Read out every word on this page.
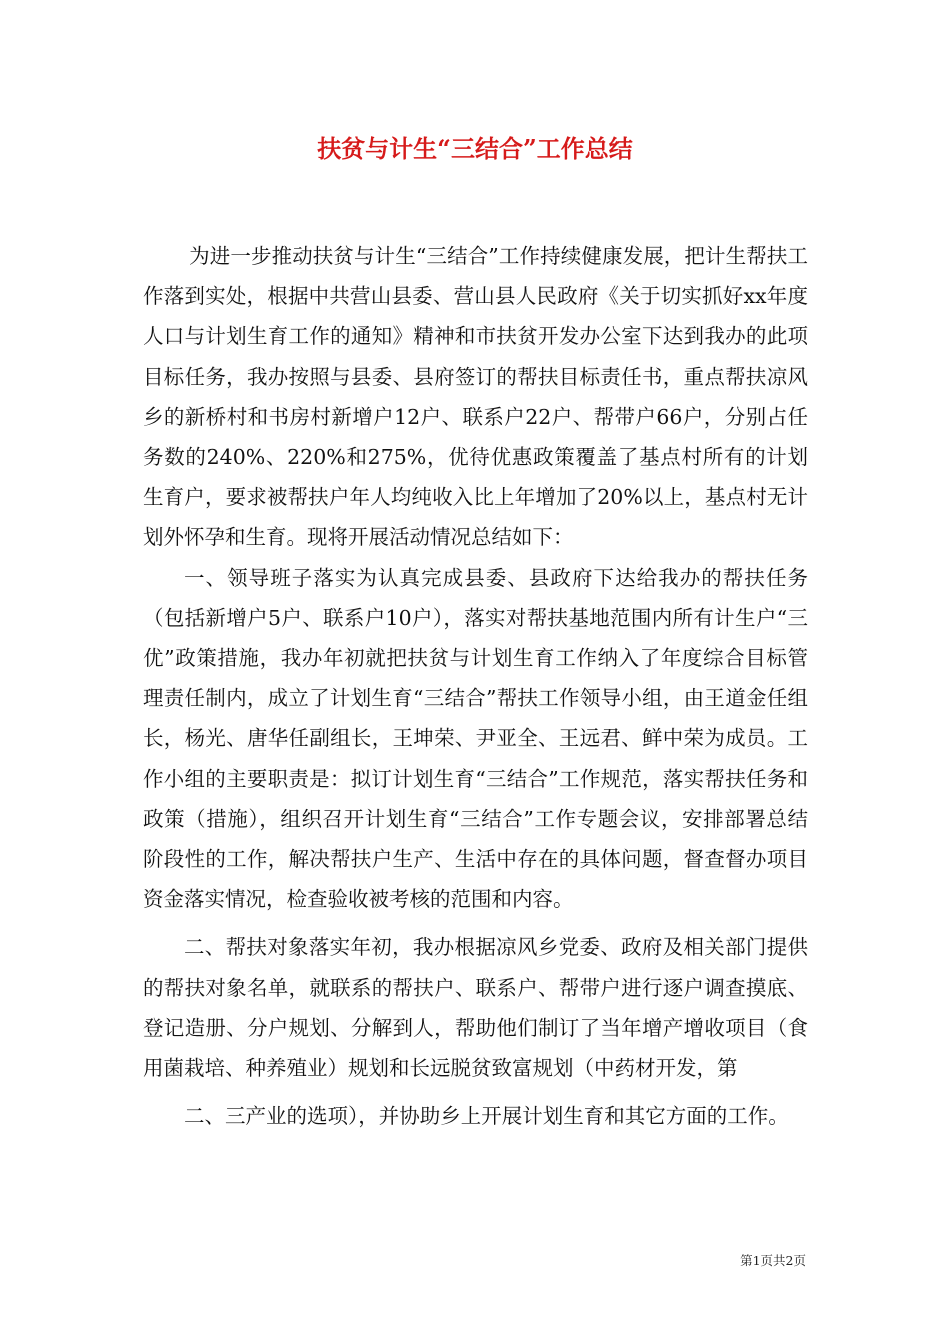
扶贫与计生“三结合”工作总结

为进一步推动扶贫与计生“三结合”工作持续健康发展，把计生帮扶工作落到实处，根据中共营山县委、营山县人民政府《关于切实抓好xx年度人口与计划生育工作的通知》精神和市扶贫开发办公室下达到我办的此项目标任务，我办按照与县委、县府签订的帮扶目标责任书，重点帮扶凉风乡的新桥村和书房村新增户12户、联系户22户、帮带户66户，分别占任务数的240%、220%和275%，优待优惠政策覆盖了基点村所有的计划生育户，要求被帮扶户年人均纯收入比上年增加了20%以上，基点村无计划外怀孕和生育。现将开展活动情况总结如下：

一、领导班子落实为认真完成县委、县政府下达给我办的帮扶任务（包括新增户5户、联系户10户），落实对帮扶基地范围内所有计生户“三优”政策措施，我办年初就把扶贫与计划生育工作纳入了年度综合目标管理责任制内，成立了计划生育“三结合”帮扶工作领导小组，由王道金任组长，杨光、唐华任副组长，王坤荣、尹亚全、王远君、鲜中荣为成员。工作小组的主要职责是：拟订计划生育“三结合”工作规范，落实帮扶任务和政策（措施），组织召开计划生育“三结合”工作专题会议，安排部署总结阶段性的工作，解决帮扶户生产、生活中存在的具体问题，督查督办项目资金落实情况，检查验收被考核的范围和内容。

二、帮扶对象落实年初，我办根据凉风乡党委、政府及相关部门提供的帮扶对象名单，就联系的帮扶户、联系户、帮带户进行逐户调查摸底、登记造册、分户规划、分解到人，帮助他们制订了当年增产增收项目（食用菌栽培、种养殖业）规划和长远脱贫致富规划（中药材开发，第

二、三产业的选项），并协助乡上开展计划生育和其它方面的工作。

第1页共2页
